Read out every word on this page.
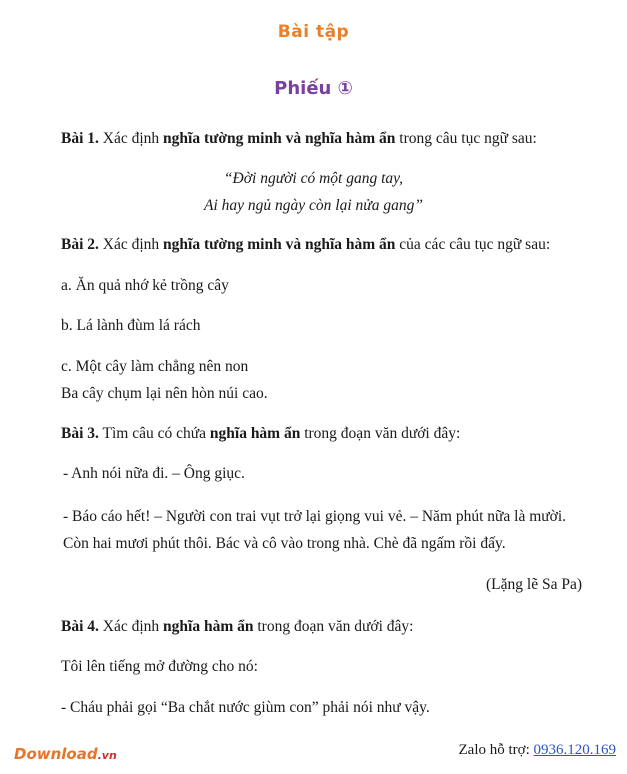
Bài tập
Phiếu ①
Bài 1. Xác định nghĩa tường minh và nghĩa hàm ẩn trong câu tục ngữ sau:
“Đời người có một gang tay,
Ai hay ngủ ngày còn lại nửa gang”
Bài 2. Xác định nghĩa tường minh và nghĩa hàm ẩn của các câu tục ngữ sau:
a. Ăn quả nhớ kẻ trồng cây
b. Lá lành đùm lá rách
c. Một cây làm chẳng nên non
Ba cây chụm lại nên hòn núi cao.
Bài 3. Tìm câu có chứa nghĩa hàm ẩn trong đoạn văn dưới đây:
- Anh nói nữa đi. – Ông giục.
- Báo cáo hết! – Người con trai vụt trở lại giọng vui vẻ. – Năm phút nữa là mười.
Còn hai mươi phút thôi. Bác và cô vào trong nhà. Chè đã ngấm rồi đấy.
(Lặng lẽ Sa Pa)
Bài 4. Xác định nghĩa hàm ẩn trong đoạn văn dưới đây:
Tôi lên tiếng mở đường cho nó:
- Cháu phải gọi “Ba chắt nước giùm con” phải nói như vậy.
Download.vn	Zalo hỗ trợ: 0936.120.169
